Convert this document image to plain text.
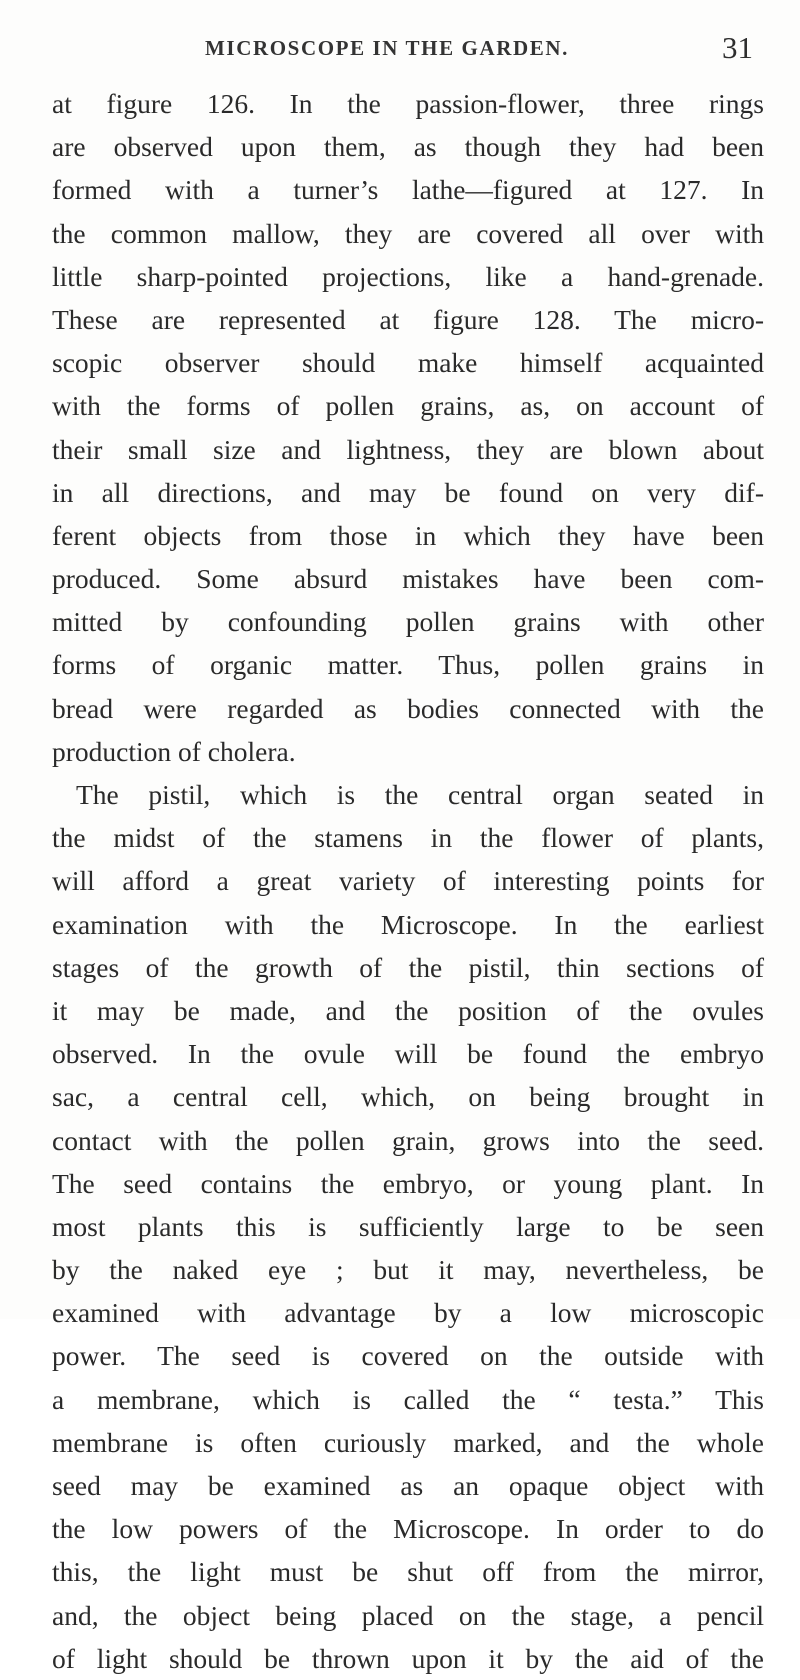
MICROSCOPE IN THE GARDEN.	31
at figure 126. In the passion-flower, three rings
are observed upon them, as though they had been
formed with a turner’s lathe—figured at 127. In
the common mallow, they are covered all over with
little sharp-pointed projections, like a hand-grenade.
These are represented at figure 128. The micro-
scopic observer should make himself acquainted
with the forms of pollen grains, as, on account of
their small size and lightness, they are blown about
in all directions, and may be found on very dif-
ferent objects from those in which they have been
produced. Some absurd mistakes have been com-
mitted by confounding pollen grains with other
forms of organic matter. Thus, pollen grains in
bread were regarded as bodies connected with the
production of cholera.
The pistil, which is the central organ seated in
the midst of the stamens in the flower of plants,
will afford a great variety of interesting points for
examination with the Microscope. In the earliest
stages of the growth of the pistil, thin sections of
it may be made, and the position of the ovules
observed. In the ovule will be found the embryo
sac, a central cell, which, on being brought in
contact with the pollen grain, grows into the seed.
The seed contains the embryo, or young plant. In
most plants this is sufficiently large to be seen
by the naked eye ; but it may, nevertheless, be
examined with advantage by a low microscopic
power. The seed is covered on the outside with
a membrane, which is called the “ testa.” This
membrane is often curiously marked, and the whole
seed may be examined as an opaque object with
the low powers of the Microscope. In order to do
this, the light must be shut off from the mirror,
and, the object being placed on the stage, a pencil
of light should be thrown upon it by the aid of the
